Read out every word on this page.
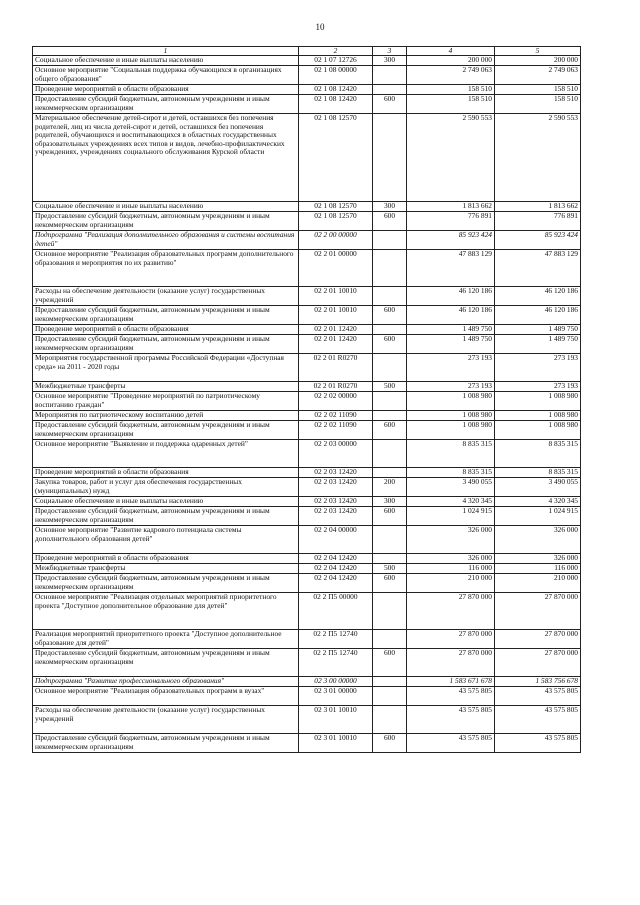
10
1	2	3	4	5
Социальное обеспечение и иные выплаты населению	02 1 07 12726	300	200 000	200 000
Основное мероприятие "Социальная поддержка обучающихся в организациях общего образования"	02 1 08 00000		2 749 063	2 749 063
Проведение мероприятий в области образования	02 1 08 12420		158 510	158 510
Предоставление субсидий бюджетным, автономным учреждениям и иным некоммерческим организациям	02 1 08 12420	600	158 510	158 510
Материальное обеспечение детей-сирот и детей, оставшихся без попечения родителей, лиц из числа детей-сирот и детей, оставшихся без попечения родителей, обучающихся и воспитывающихся в областных государственных образовательных учреждениях всех типов и видов, лечебно-профилактических учреждениях, учреждениях социального обслуживания Курской области	02 1 08 12570		2 590 553	2 590 553
Социальное обеспечение и иные выплаты населению	02 1 08 12570	300	1 813 662	1 813 662
Предоставление субсидий бюджетным, автономным учреждениям и иным некоммерческим организациям	02 1 08 12570	600	776 891	776 891
Подпрограмма "Реализация дополнительного образования и системы воспитания детей"	02 2 00 00000		85 923 424	85 923 424
Основное мероприятие "Реализация образовательных программ дополнительного образования и мероприятия по их развитию"	02 2 01 00000		47 883 129	47 883 129
Расходы на обеспечение деятельности (оказание услуг) государственных учреждений	02 2 01 10010		46 120 186	46 120 186
Предоставление субсидий бюджетным, автономным учреждениям и иным некоммерческим организациям	02 2 01 10010	600	46 120 186	46 120 186
Проведение мероприятий в области образования	02 2 01 12420		1 489 750	1 489 750
Предоставление субсидий бюджетным, автономным учреждениям и иным некоммерческим организациям	02 2 01 12420	600	1 489 750	1 489 750
Мероприятия государственной программы Российской Федерации «Доступная среда» на 2011 - 2020 годы	02 2 01 R0270		273 193	273 193
Межбюджетные трансферты	02 2 01 R0270	500	273 193	273 193
Основное мероприятие "Проведение мероприятий по патриотическому воспитанию граждан"	02 2 02 00000		1 008 980	1 008 980
Мероприятия по патриотическому воспитанию детей	02 2 02 11090		1 008 980	1 008 980
Предоставление субсидий бюджетным, автономным учреждениям и иным некоммерческим организациям	02 2 02 11090	600	1 008 980	1 008 980
Основное мероприятие "Выявление и поддержка одаренных детей"	02 2 03 00000		8 835 315	8 835 315
Проведение мероприятий в области образования	02 2 03 12420		8 835 315	8 835 315
Закупка товаров, работ и услуг для обеспечения государственных (муниципальных) нужд	02 2 03 12420	200	3 490 055	3 490 055
Социальное обеспечение и иные выплаты населению	02 2 03 12420	300	4 320 345	4 320 345
Предоставление субсидий бюджетным, автономным учреждениям и иным некоммерческим организациям	02 2 03 12420	600	1 024 915	1 024 915
Основное мероприятие "Развитие кадрового потенциала системы дополнительного образования детей"	02 2 04 00000		326 000	326 000
Проведение мероприятий в области образования	02 2 04 12420		326 000	326 000
Межбюджетные трансферты	02 2 04 12420	500	116 000	116 000
Предоставление субсидий бюджетным, автономным учреждениям и иным некоммерческим организациям	02 2 04 12420	600	210 000	210 000
Основное мероприятие "Реализация отдельных мероприятий приоритетного проекта "Доступное дополнительное образование для детей"	02 2 П5 00000		27 870 000	27 870 000
Реализация мероприятий приоритетного проекта "Доступное дополнительное образование для детей"	02 2 П5 12740		27 870 000	27 870 000
Предоставление субсидий бюджетным, автономным учреждениям и иным некоммерческим организациям	02 2 П5 12740	600	27 870 000	27 870 000
Подпрограмма "Развитие профессионального образования"	02 3 00 00000		1 583 671 678	1 583 756 678
Основное мероприятие "Реализация образовательных программ в вузах"	02 3 01 00000		43 575 805	43 575 805
Расходы на обеспечение деятельности (оказание услуг) государственных учреждений	02 3 01 10010		43 575 805	43 575 805
Предоставление субсидий бюджетным, автономным учреждениям и иным некоммерческим организациям	02 3 01 10010	600	43 575 805	43 575 805
